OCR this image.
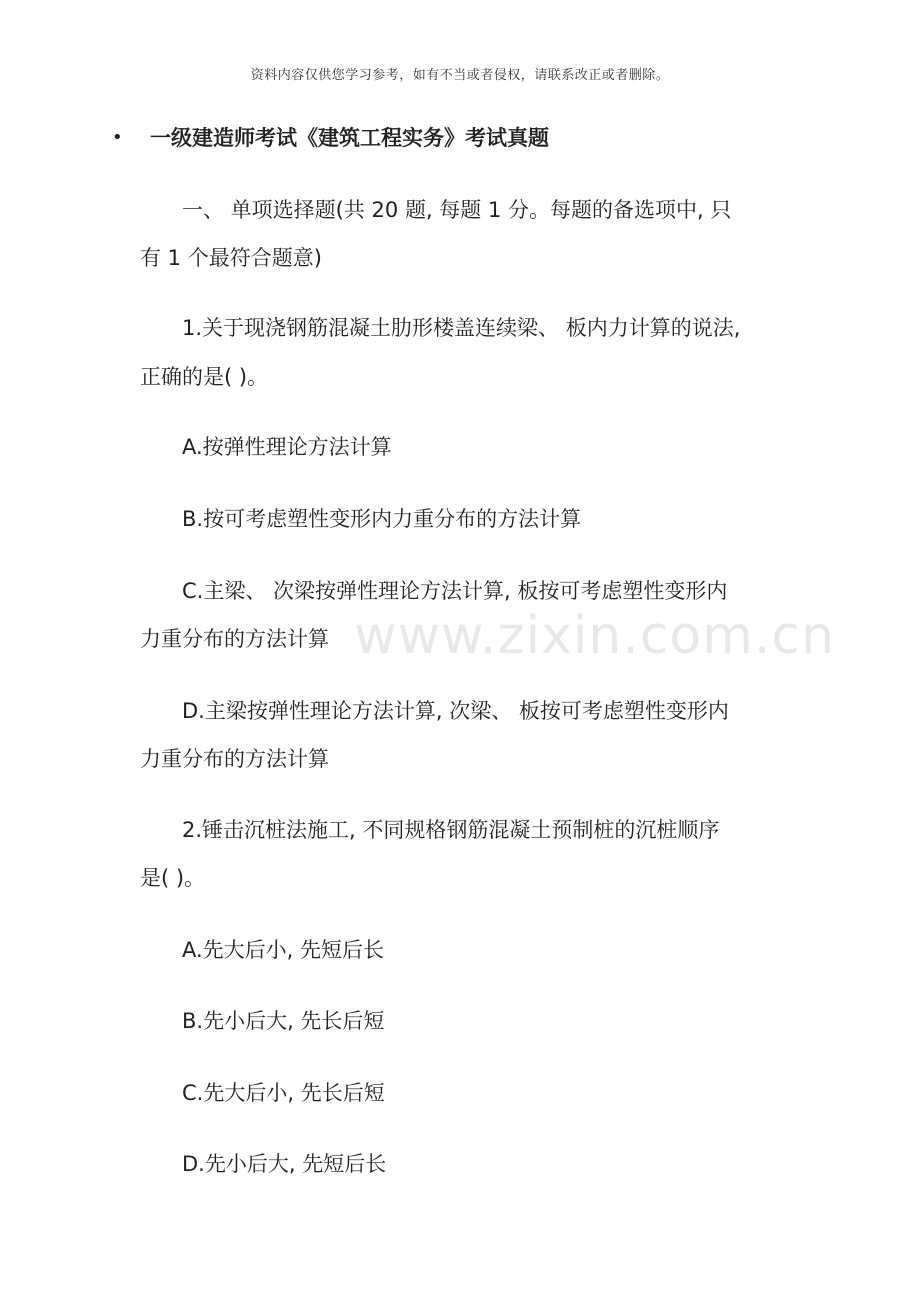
资料内容仅供您学习参考，如有不当或者侵权，请联系改正或者删除。
•	一级建造师考试《建筑工程实务》考试真题
一、 单项选择题(共 20 题, 每题 1 分。每题的备选项中, 只
有 1 个最符合题意)
1.关于现浇钢筋混凝土肋形楼盖连续梁、 板内力计算的说法,
正确的是( )。
A.按弹性理论方法计算
B.按可考虑塑性变形内力重分布的方法计算
C.主梁、 次梁按弹性理论方法计算, 板按可考虑塑性变形内
力重分布的方法计算 www.zixin.com.cn
D.主梁按弹性理论方法计算, 次梁、 板按可考虑塑性变形内
力重分布的方法计算
2.锤击沉桩法施工, 不同规格钢筋混凝土预制桩的沉桩顺序
是( )。
A.先大后小, 先短后长
B.先小后大, 先长后短
C.先大后小, 先长后短
D.先小后大, 先短后长
